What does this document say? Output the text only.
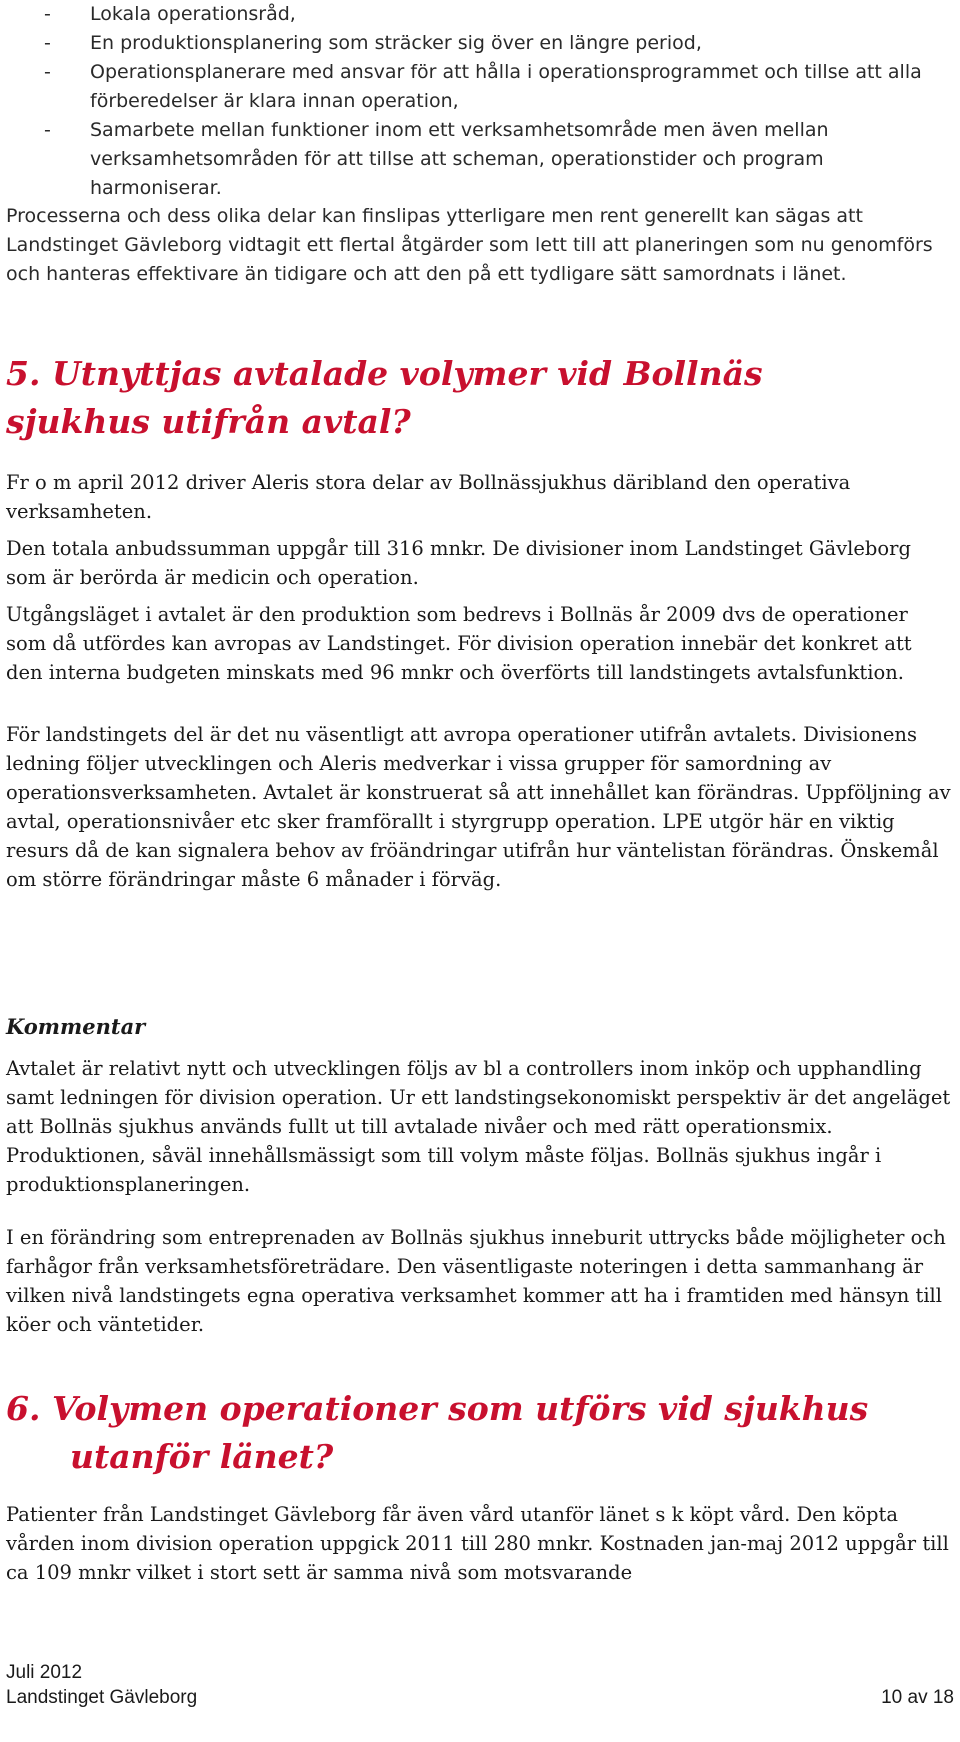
- Lokala operationsråd,
- En produktionsplanering som sträcker sig över en längre period,
- Operationsplanerare med ansvar för att hålla i operationsprogrammet och tillse att alla förberedelser är klara innan operation,
- Samarbete mellan funktioner inom ett verksamhetsområde men även mellan verksamhetsområden för att tillse att scheman, operationstider och program harmoniserar.

Processerna och dess olika delar kan finslipas ytterligare men rent generellt kan sägas att Landstinget Gävleborg vidtagit ett flertal åtgärder som lett till att planeringen som nu genomförs och hanteras effektivare än tidigare och att den på ett tydligare sätt samordnats i länet.

5. Utnyttjas avtalade volymer vid Bollnäs sjukhus utifrån avtal?

Fr o m april 2012 driver Aleris stora delar av Bollnässjukhus däribland den operativa verksamheten.

Den totala anbudssumman uppgår till 316 mnkr. De divisioner inom Landstinget Gävleborg som är berörda är medicin och operation.

Utgångsläget i avtalet är den produktion som bedrevs i Bollnäs år 2009 dvs de operationer som då utfördes kan avropas av Landstinget. För division operation innebär det konkret att den interna budgeten minskats med 96 mnkr och överförts till landstingets avtalsfunktion.

För landstingets del är det nu väsentligt att avropa operationer utifrån avtalets. Divisionens ledning följer utvecklingen och Aleris medverkar i vissa grupper för samordning av operationsverksamheten. Avtalet är konstruerat så att innehållet kan förändras. Uppföljning av avtal, operationsnivåer etc sker framförallt i styrgrupp operation. LPE utgör här en viktig resurs då de kan signalera behov av fröändringar utifrån hur väntelistan förändras. Önskemål om större förändringar måste 6 månader i förväg.

Kommentar

Avtalet är relativt nytt och utvecklingen följs av bl a controllers inom inköp och upphandling samt ledningen för division operation. Ur ett landstingsekonomiskt perspektiv är det angeläget att Bollnäs sjukhus används fullt ut till avtalade nivåer och med rätt operationsmix. Produktionen, såväl innehållsmässigt som till volym måste följas. Bollnäs sjukhus ingår i produktionsplaneringen.

I en förändring som entreprenaden av Bollnäs sjukhus inneburit uttrycks både möjligheter och farhågor från verksamhetsföreträdare. Den väsentligaste noteringen i detta sammanhang är vilken nivå landstingets egna operativa verksamhet kommer att ha i framtiden med hänsyn till köer och väntetider.

6. Volymen operationer som utförs vid sjukhus
utanför länet?

Patienter från Landstinget Gävleborg får även vård utanför länet s k köpt vård. Den köpta vården inom division operation uppgick 2011 till 280 mnkr. Kostnaden jan-maj 2012 uppgår till ca 109 mnkr vilket i stort sett är samma nivå som motsvarande

Juli 2012
Landstinget Gävleborg	10 av 18
